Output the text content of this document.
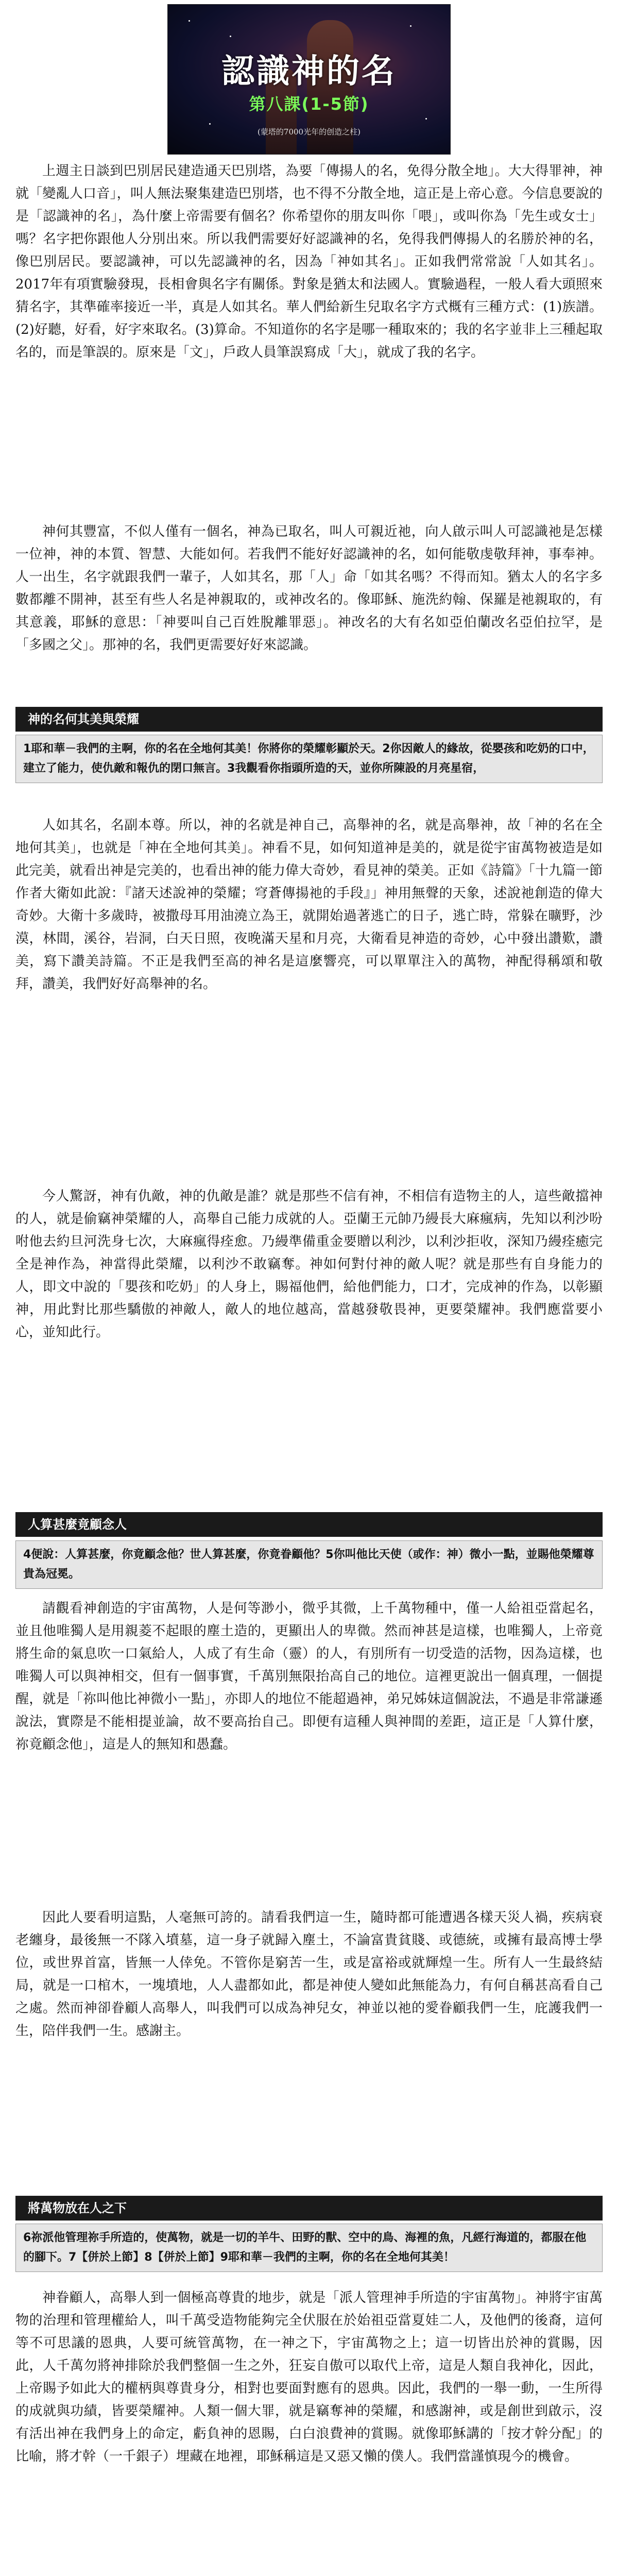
認識神的名
第八課(1-5節)
(蒙塔的7000光年的创造之柱)
上週主日談到巴別居民建造通天巴別塔，為要「傳揚人的名，免得分散全地」。大大得罪神，神就「變亂人口音」，叫人無法聚集建造巴別塔，也不得不分散全地，這正是上帝心意。今信息要說的是「認識神的名」，為什麼上帝需要有個名？你希望你的朋友叫你「喂」，或叫你為「先生或女士」嗎？名字把你跟他人分別出來。所以我們需要好好認識神的名，免得我們傳揚人的名勝於神的名，像巴別居民。要認識神，可以先認識神的名，因為「神如其名」。正如我們常常說「人如其名」。2017年有項實驗發現，長相會與名字有關係。對象是猶太和法國人。實驗過程，一般人看大頭照來猜名字，其準確率接近一半，真是人如其名。華人們給新生兒取名字方式概有三種方式：(1)族譜。(2)好聽，好看，好字來取名。(3)算命。不知道你的名字是哪一種取來的；我的名字並非上三種起取名的，而是筆誤的。原來是「文」，戶政人員筆誤寫成「大」，就成了我的名字。
神何其豐富，不似人僅有一個名，神為已取名，叫人可親近祂，向人啟示叫人可認識祂是怎樣一位神，神的本質、智慧、大能如何。若我們不能好好認識神的名，如何能敬虔敬拜神，事奉神。人一出生，名字就跟我們一輩子，人如其名，那「人」命「如其名嗎？不得而知。猶太人的名字多數都離不開神，甚至有些人名是神親取的，或神改名的。像耶穌、施洗約翰、保羅是祂親取的，有其意義，耶穌的意思：「神要叫自己百姓脫離罪惡」。神改名的大有名如亞伯蘭改名亞伯拉罕，是「多國之父」。那神的名，我們更需要好好來認識。
神的名何其美與榮耀
1耶和華－我們的主啊，你的名在全地何其美！你將你的榮耀彰顯於天。2你因敵人的緣故，從嬰孩和吃奶的口中，建立了能力，使仇敵和報仇的閉口無言。3我觀看你指頭所造的天，並你所陳設的月亮星宿，
人如其名，名副本尊。所以，神的名就是神自己，高舉神的名，就是高舉神，故「神的名在全地何其美」，也就是「神在全地何其美」。神看不見，如何知道神是美的，就是從宇宙萬物被造是如此完美，就看出神是完美的，也看出神的能力偉大奇妙，看見神的榮美。正如《詩篇》「十九篇一節作者大衛如此說：『諸天述說神的榮耀；穹蒼傳揚祂的手段』」神用無聲的天象，述說祂創造的偉大奇妙。大衛十多歲時，被撒母耳用油澆立為王，就開始過著逃亡的日子，逃亡時，常躲在曠野，沙漠，林間，溪谷，岩洞，白天日照，夜晚滿天星和月亮，大衛看見神造的奇妙，心中發出讚歎，讚美，寫下讚美詩篇。不正是我們至高的神名是這麼響亮，可以單單注入的萬物，神配得稱頌和敬拜，讚美，我們好好高舉神的名。
今人驚訝，神有仇敵，神的仇敵是誰？就是那些不信有神，不相信有造物主的人，這些敵擋神的人，就是偷竊神榮耀的人，高舉自己能力成就的人。亞蘭王元帥乃縵長大麻瘋病，先知以利沙吩咐他去約旦河洗身七次，大麻瘋得痊愈。乃縵準備重金要贈以利沙，以利沙拒收，深知乃縵痊癒完全是神作為，神當得此榮耀，以利沙不敢竊奪。神如何對付神的敵人呢？就是那些有自身能力的人，即文中說的「嬰孩和吃奶」的人身上，賜福他們，給他們能力，口才，完成神的作為，以彰顯神，用此對比那些驕傲的神敵人，敵人的地位越高，當越發敬畏神，更要榮耀神。我們應當要小心，並知此行。
人算甚麼竟顧念人
4便說：人算甚麼，你竟顧念他？世人算甚麼，你竟眷顧他？5你叫他比天使（或作：神）微小一點，並賜他榮耀尊貴為冠冕。
請觀看神創造的宇宙萬物，人是何等渺小，微乎其微，上千萬物種中，僅一人給祖亞當起名，並且他唯獨人是用親菱不起眼的塵土造的，更顯出人的卑微。然而神甚是這樣，也唯獨人，上帝竟將生命的氣息吹一口氣給人，人成了有生命（靈）的人，有別所有一切受造的活物，因為這樣，也唯獨人可以與神相交，但有一個事實，千萬別無限抬高自己的地位。這裡更說出一個真理，一個提醒，就是「祢叫他比神微小一點」，亦即人的地位不能超過神，弟兄姊妹這個說法，不過是非常謙遜說法，實際是不能相提並論，故不要高抬自己。即便有這種人與神間的差距，這正是「人算什麼，祢竟顧念他」，這是人的無知和愚蠢。
因此人要看明這點，人毫無可誇的。請看我們這一生，隨時都可能遭遇各樣天災人禍，疾病衰老纏身，最後無一不隊入墳墓，這一身子就歸入塵土，不論富貴貧賤、或德統，或擁有最高博士學位，或世界首富，皆無一人倖免。不管你是窮苦一生，或是富裕或就輝煌一生。所有人一生最終結局，就是一口棺木，一塊墳地，人人盡都如此，都是神使人變如此無能為力，有何自稱甚高看自己之處。然而神卻眷顧人高舉人，叫我們可以成為神兒女，神並以祂的愛眷顧我們一生，庇護我們一生，陪伴我們一生。感謝主。
將萬物放在人之下
6祢派他管理祢手所造的，使萬物，就是一切的羊牛、田野的獸、空中的鳥、海裡的魚，凡經行海道的，都服在他的腳下。7【併於上節】8【併於上節】9耶和華－我們的主啊，你的名在全地何其美！
神眷顧人，高舉人到一個極高尊貴的地步，就是「派人管理神手所造的宇宙萬物」。神將宇宙萬物的治理和管理權給人，叫千萬受造物能夠完全伏服在於始祖亞當夏娃二人，及他們的後裔，這何等不可思議的恩典，人要可統管萬物，在一神之下，宇宙萬物之上；這一切皆出於神的賞賜，因此，人千萬勿將神排除於我們整個一生之外，狂妄自傲可以取代上帝，這是人類自我神化，因此，上帝賜予如此大的權柄與尊貴身分，相對也要面對應有的恩典。因此，我們的一舉一動，一生所得的成就與功績，皆要榮耀神。人類一個大罪，就是竊奪神的榮耀，和感謝神，或是創世到啟示，沒有活出神在我們身上的命定，虧負神的恩賜，白白浪費神的賞賜。就像耶穌講的「按才幹分配」的比喻，將才幹（一千銀子）埋藏在地裡，耶穌稱這是又惡又懶的僕人。我們當謹慎現今的機會。
